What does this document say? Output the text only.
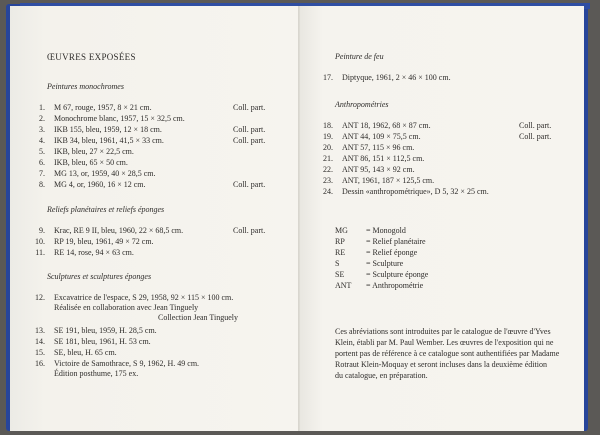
ŒUVRES EXPOSÉES
Peintures monochromes
1. M 67, rouge, 1957, 8 × 21 cm.	Coll. part.
2. Monochrome blanc, 1957, 15 × 32,5 cm.
3. IKB 155, bleu, 1959, 12 × 18 cm.	Coll. part.
4. IKB 34, bleu, 1961, 41,5 × 33 cm.	Coll. part.
5. IKB, bleu, 27 × 22,5 cm.
6. IKB, bleu, 65 × 50 cm.
7. MG 13, or, 1959, 40 × 28,5 cm.
8. MG 4, or, 1960, 16 × 12 cm.	Coll. part.
Reliefs planétaires et reliefs éponges
9. Krac, RE 9 II, bleu, 1960, 22 × 68,5 cm.	Coll. part.
10. RP 19, bleu, 1961, 49 × 72 cm.
11. RE 14, rose, 94 × 63 cm.
Sculptures et sculptures éponges
12. Excavatrice de l'espace, S 29, 1958, 92 × 115 × 100 cm.
Réalisée en collaboration avec Jean Tinguely
Collection Jean Tinguely
13. SE 191, bleu, 1959, H. 28,5 cm.
14. SE 181, bleu, 1961, H. 53 cm.
15. SE, bleu, H. 65 cm.
16. Victoire de Samothrace, S 9, 1962, H. 49 cm.
Édition posthume, 175 ex.
Peinture de feu
17. Diptyque, 1961, 2 × 46 × 100 cm.
Anthropométries
18. ANT 18, 1962, 68 × 87 cm.	Coll. part.
19. ANT 44, 109 × 75,5 cm.	Coll. part.
20. ANT 57, 115 × 96 cm.
21. ANT 86, 151 × 112,5 cm.
22. ANT 95, 143 × 92 cm.
23. ANT, 1961, 187 × 125,5 cm.
24. Dessin «anthropométrique», D 5, 32 × 25 cm.
MG = Monogold
RP	= Relief planétaire
RE	= Relief éponge
S	= Sculpture
SE	= Sculpture éponge
ANT = Anthropométrie
Ces abréviations sont introduites par le catalogue de l'œuvre d'Yves
Klein, établi par M. Paul Wember. Les œuvres de l'exposition qui ne
portent pas de référence à ce catalogue sont authentifiées par Madame
Rotraut Klein-Moquay et seront incluses dans la deuxième édition
du catalogue, en préparation.
